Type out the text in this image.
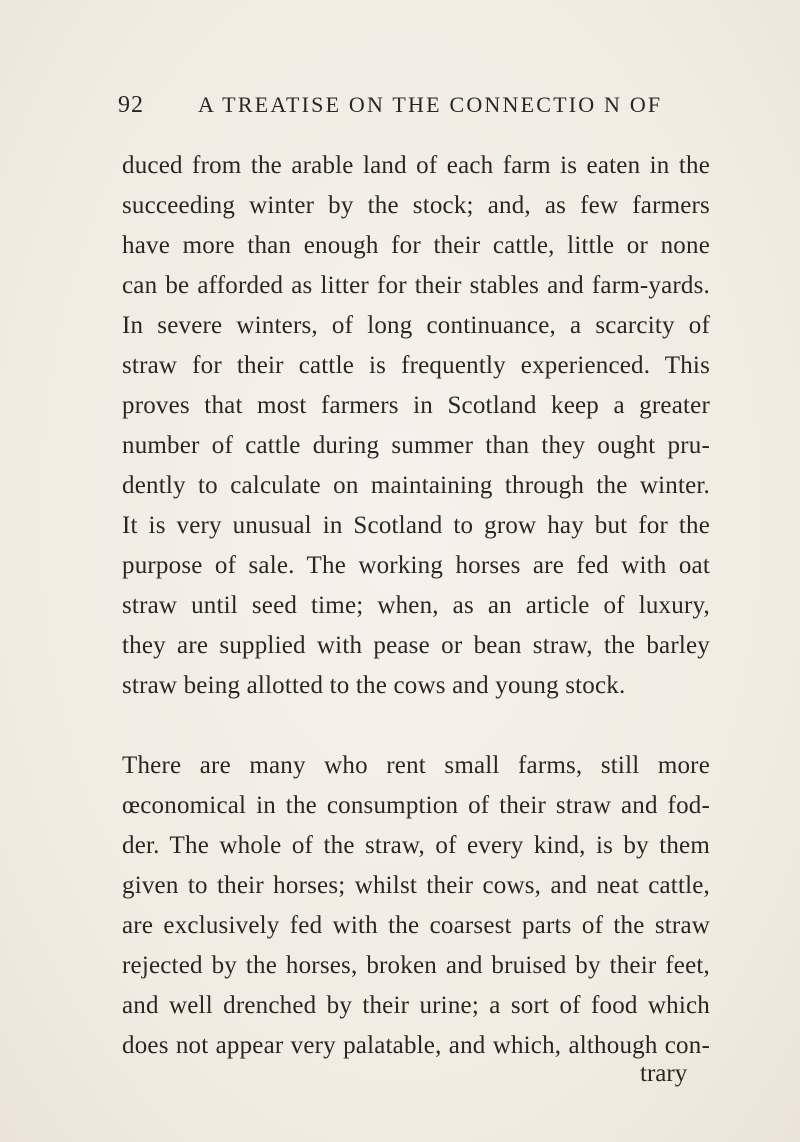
92 A TREATISE ON THE CONNECTIO N OF
duced from the arable land of each farm is eaten in the
succeeding winter by the stock; and, as few farmers
have more than enough for their cattle, little or none
can be afforded as litter for their stables and farm-yards.
In severe winters, of long continuance, a scarcity of
straw for their cattle is frequently experienced. This
proves that most farmers in Scotland keep a greater
number of cattle during summer than they ought pru-
dently to calculate on maintaining through the winter.
It is very unusual in Scotland to grow hay but for the
purpose of sale. The working horses are fed with oat
straw until seed time; when, as an article of luxury,
they are supplied with pease or bean straw, the barley
straw being allotted to the cows and young stock.
There are many who rent small farms, still more
œconomical in the consumption of their straw and fod-
der. The whole of the straw, of every kind, is by them
given to their horses; whilst their cows, and neat cattle,
are exclusively fed with the coarsest parts of the straw
rejected by the horses, broken and bruised by their feet,
and well drenched by their urine; a sort of food which
does not appear very palatable, and which, although con-
trary
